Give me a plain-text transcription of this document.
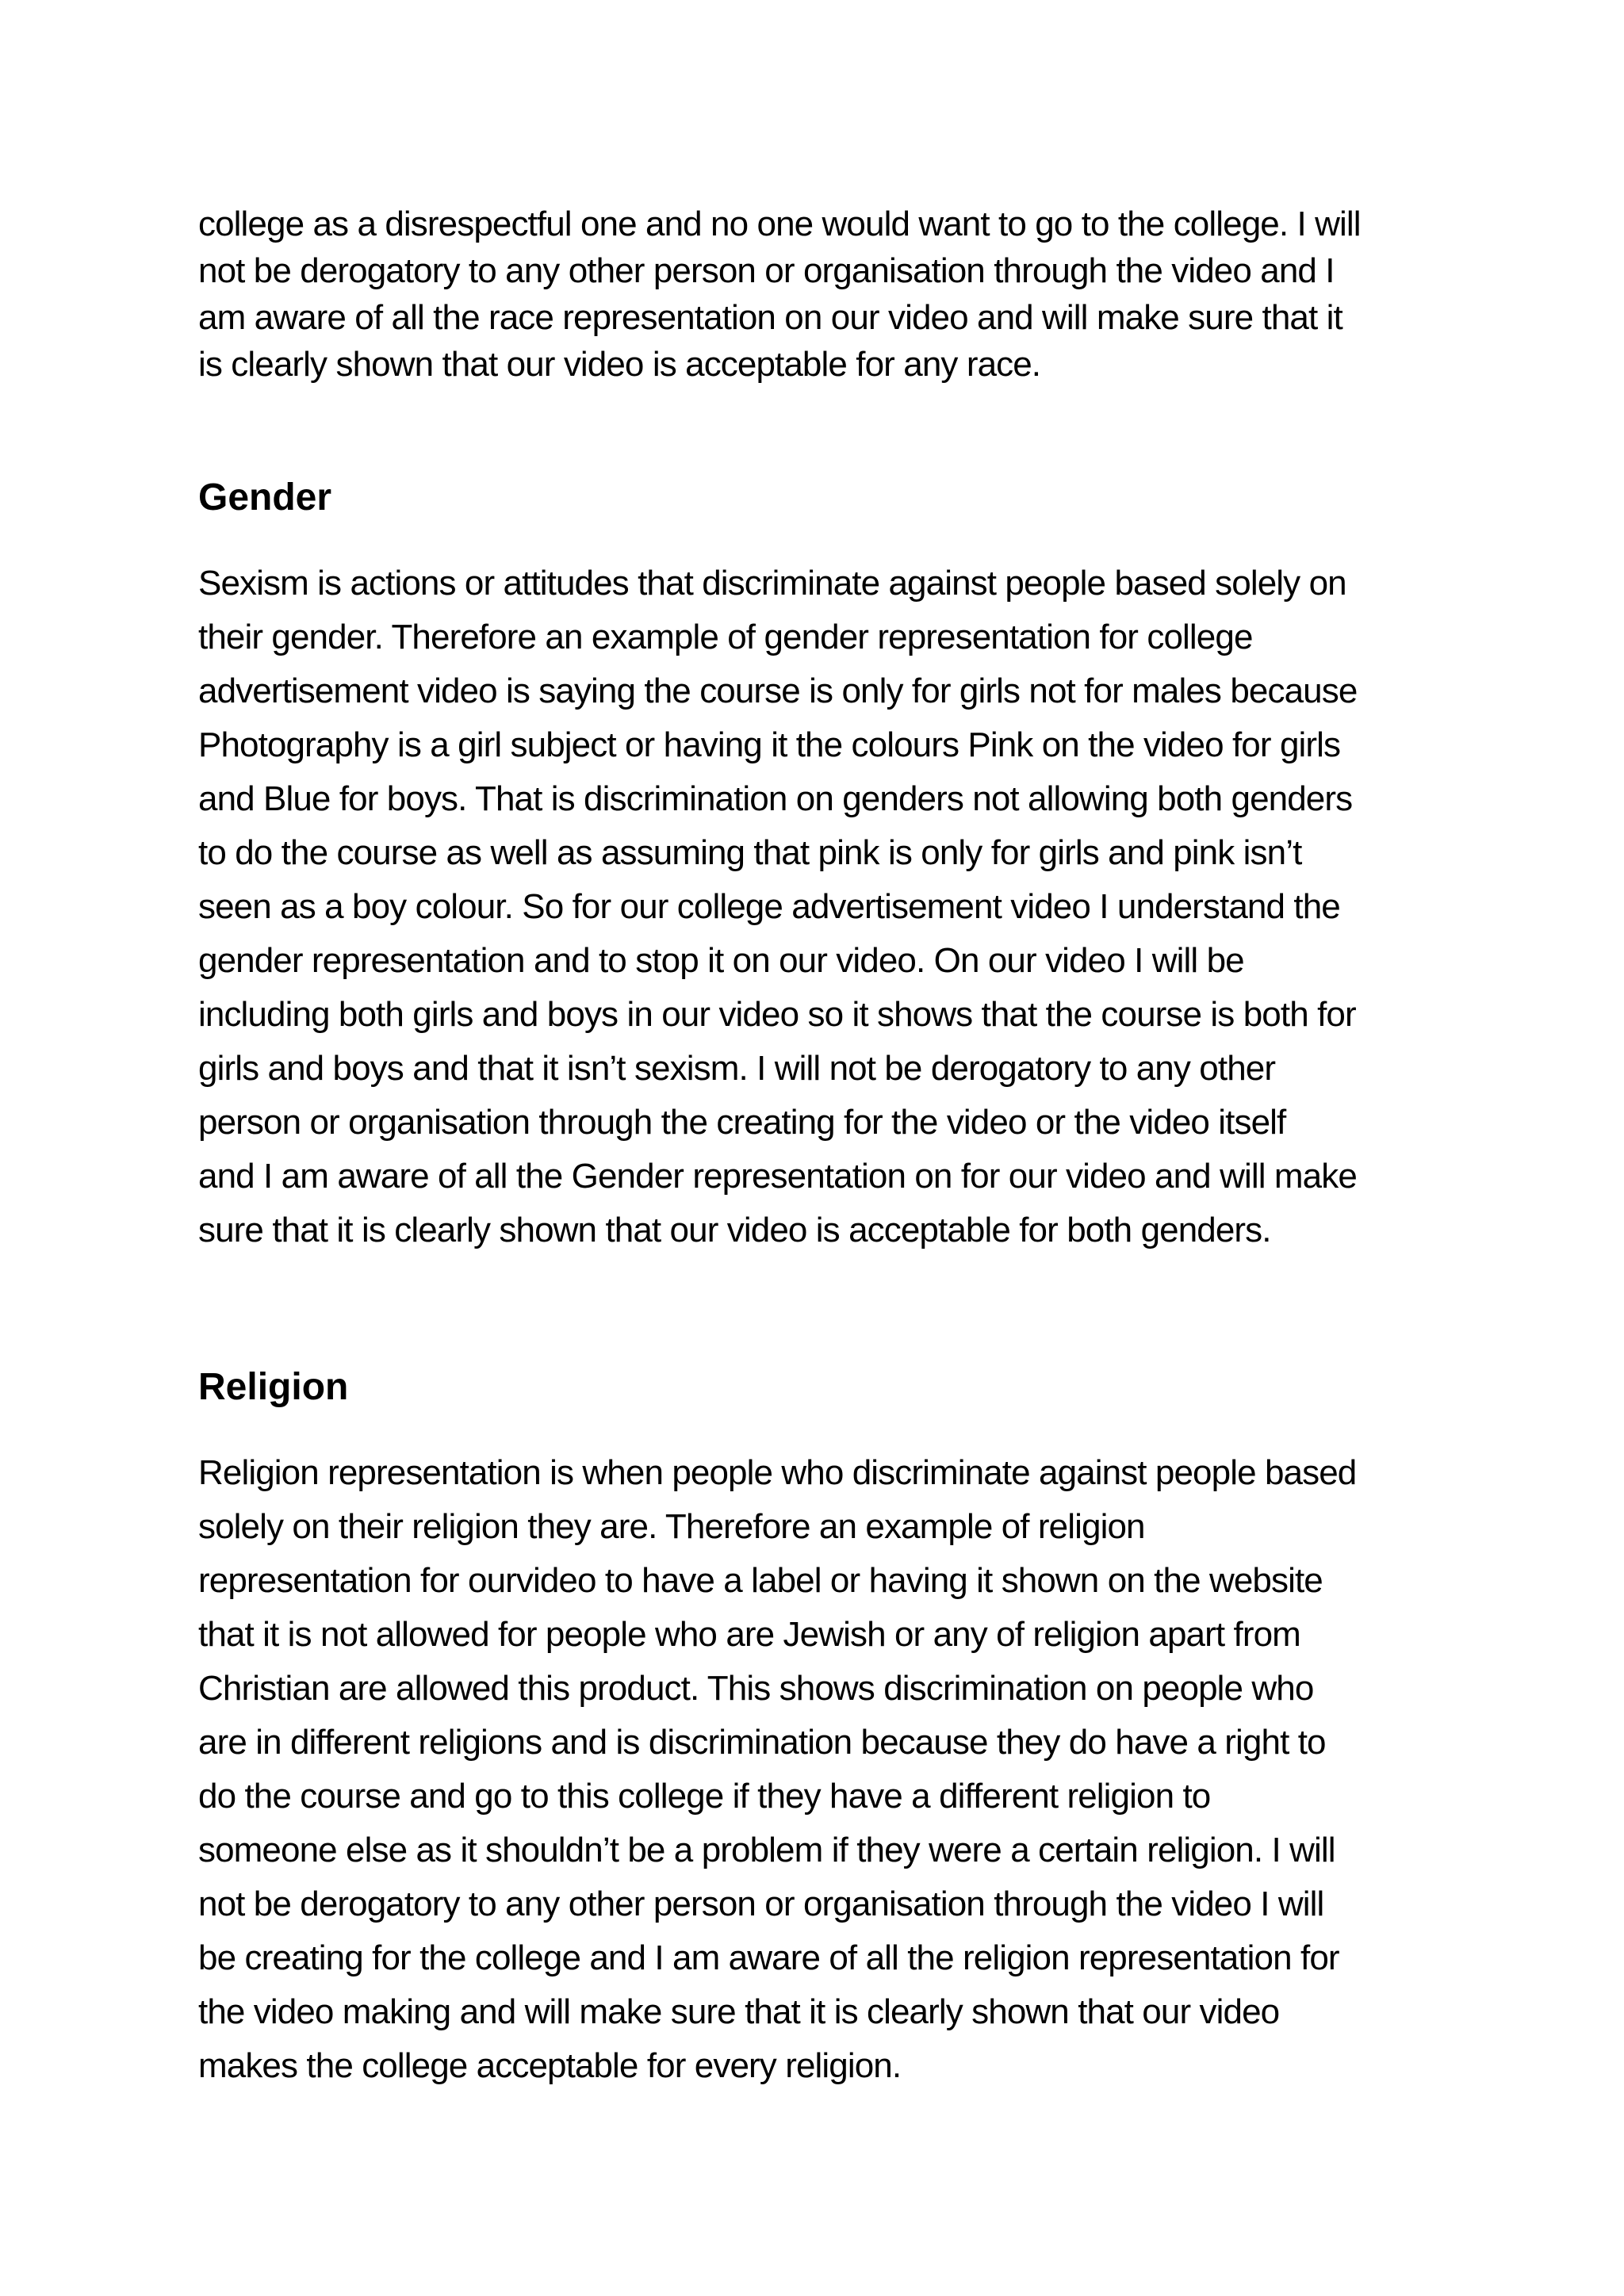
college as a disrespectful one and no one would want to go to the college. I will

not be derogatory to any other person or organisation through the video and I

am aware of all the race representation on our video and will make sure that it

is clearly shown that our video is acceptable for any race.

Gender

Sexism is actions or attitudes that discriminate against people based solely on

their gender. Therefore an example of gender representation for college

advertisement video is saying the course is only for girls not for males because

Photography is a girl subject or having it the colours Pink on the video for girls

and Blue for boys. That is discrimination on genders not allowing both genders

to do the course as well as assuming that pink is only for girls and pink isn’t

seen as a boy colour. So for our college advertisement video I understand the

gender representation and to stop it on our video. On our video I will be

including both girls and boys in our video so it shows that the course is both for

girls and boys and that it isn’t sexism. I will not be derogatory to any other

person or organisation through the creating for the video or the video itself

and I am aware of all the Gender representation on for our video and will make

sure that it is clearly shown that our video is acceptable for both genders.

Religion

Religion representation is when people who discriminate against people based

solely on their religion they are. Therefore an example of religion

representation for ourvideo to have a label or having it shown on the website

that it is not allowed for people who are Jewish or any of religion apart from

Christian are allowed this product. This shows discrimination on people who

are in different religions and is discrimination because they do have a right to

do the course and go to this college if they have a different religion to

someone else as it shouldn’t be a problem if they were a certain religion. I will

not be derogatory to any other person or organisation through the video I will

be creating for the college and I am aware of all the religion representation for

the video making and will make sure that it is clearly shown that our video

makes the college acceptable for every religion.
